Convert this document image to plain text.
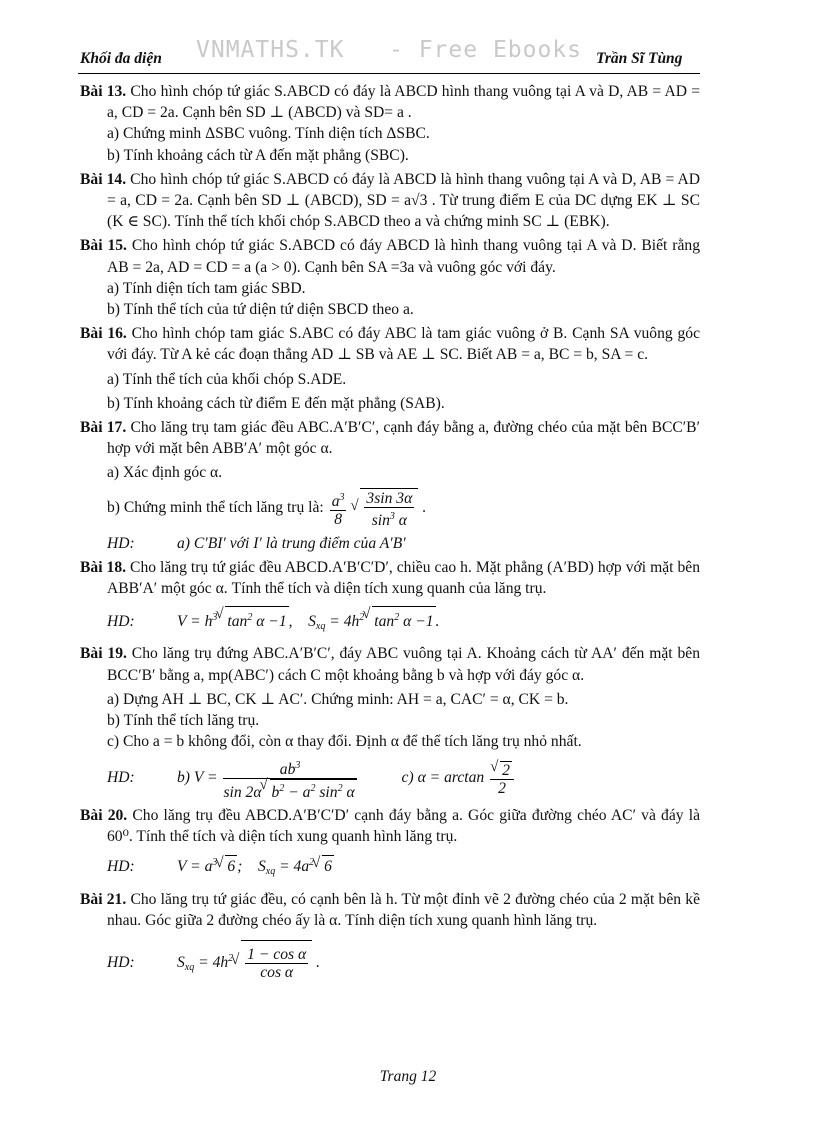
VNMATHS.TK   - Free Ebooks
Khối đa diện	Trần Sĩ Tùng
Bài 13. Cho hình chóp tứ giác S.ABCD có đáy là ABCD hình thang vuông tại A và D, AB = AD = a, CD = 2a. Cạnh bên SD ⊥ (ABCD) và SD= a .
a) Chứng minh ΔSBC vuông. Tính diện tích ΔSBC.
b) Tính khoảng cách từ A đến mặt phẳng (SBC).
Bài 14. Cho hình chóp tứ giác S.ABCD có đáy là ABCD là hình thang vuông tại A và D, AB = AD = a, CD = 2a. Cạnh bên SD ⊥ (ABCD), SD = a√3 . Từ trung điểm E của DC dựng EK ⊥ SC (K ∈ SC). Tính thể tích khối chóp S.ABCD theo a và chứng minh SC ⊥ (EBK).
Bài 15. Cho hình chóp tứ giác S.ABCD có đáy ABCD là hình thang vuông tại A và D. Biết rằng AB = 2a, AD = CD = a (a > 0). Cạnh bên SA =3a và vuông góc với đáy.
a) Tính diện tích tam giác SBD.
b) Tính thể tích của tứ diện tứ diện SBCD theo a.
Bài 16. Cho hình chóp tam giác S.ABC có đáy ABC là tam giác vuông ở B. Cạnh SA vuông góc với đáy. Từ A kẻ các đoạn thẳng AD ⊥ SB và AE ⊥ SC. Biết AB = a, BC = b, SA = c.
a) Tính thể tích của khối chóp S.ADE.
b) Tính khoảng cách từ điểm E đến mặt phẳng (SAB).
Bài 17. Cho lăng trụ tam giác đều ABC.A′B′C′, cạnh đáy bằng a, đường chéo của mặt bên BCC′B′ hợp với mặt bên ABB′A′ một góc α.
a) Xác định góc α.
b) Chứng minh thể tích lăng trụ là: $\frac{a^3}{8}$

√ $\frac{3\sin 3\alpha}{\sin^3 \alpha}$ .
HD:	a) C′BI′ với I′ là trung điểm của A′B′
Bài 18. Cho lăng trụ tứ giác đều ABCD.A′B′C′D′, chiều cao h. Mặt phẳng (A′BD) hợp với mặt bên ABB′A′ một góc α. Tính thể tích và diện tích xung quanh của lăng trụ.
HD:	$V = h^3√$ $\tan^2 \alpha -1$ ,    Sxq = $4h^2√$ $\tan^2 \alpha -1$ .
Bài 19. Cho lăng trụ đứng ABC.A′B′C′, đáy ABC vuông tại A. Khoảng cách từ AA′ đến mặt bên BCC′B′ bằng a, mp(ABC′) cách C một khoảng bằng b và hợp với đáy góc α.
a) Dựng AH ⊥ BC, CK ⊥ AC′. Chứng minh: AH = a, CAC′ = α, CK = b.
b) Tính thể tích lăng trụ.
c) Cho a = b không đổi, còn α thay đổi. Định α để thể tích lăng trụ nhỏ nhất.
HD:	b) $V = \frac{ab^3}{\sin 2\alpha√ b^2 - a^2 \sin^2 \alpha} c$) α = arctan
√ $\frac{2}{2}$
Bài 20. Cho lăng trụ đều ABCD.A′B′C′D′ cạnh đáy bằng a. Góc giữa đường chéo AC′ và đáy là 60⁰. Tính thể tích và diện tích xung quanh hình lăng trụ.
HD:	$V = a^3√$ 6 ;    Sxq = $4a^2√$ 6
Bài 21. Cho lăng trụ tứ giác đều, có cạnh bên là h. Từ một đỉnh vẽ 2 đường chéo của 2 mặt bên kề nhau. Góc giữa 2 đường chéo ấy là α. Tính diện tích xung quanh hình lăng trụ.
HD:	Sxq = $4h^2$
√ $\frac{\text{1 − cos α}}{\text{cos α}}$ .
Trang 12
